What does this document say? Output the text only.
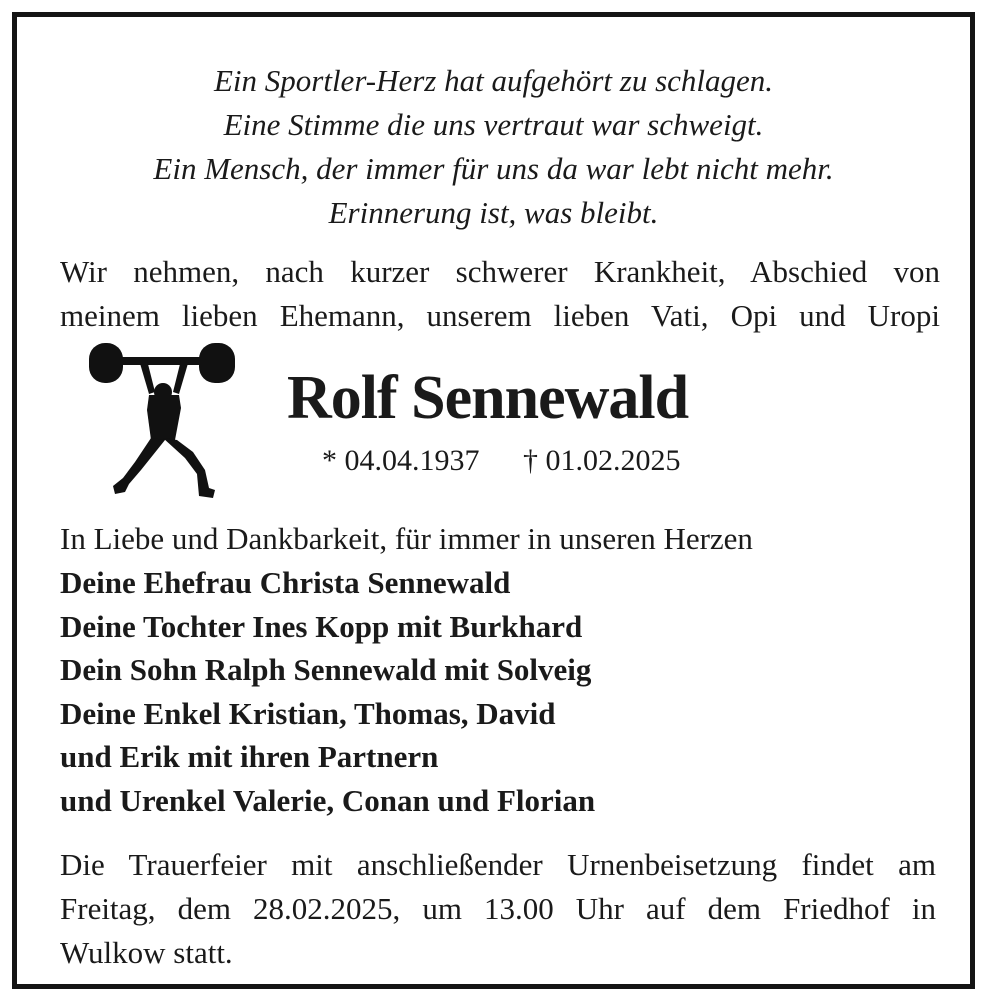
Ein Sportler-Herz hat aufgehört zu schlagen.
Eine Stimme die uns vertraut war schweigt.
Ein Mensch, der immer für uns da war lebt nicht mehr.
Erinnerung ist, was bleibt.
Wir nehmen, nach kurzer schwerer Krankheit, Abschied von
meinem lieben Ehemann, unserem lieben Vati, Opi und Uropi
Rolf Sennewald
* 04.04.1937 † 01.02.2025
In Liebe und Dankbarkeit, für immer in unseren Herzen
Deine Ehefrau Christa Sennewald
Deine Tochter Ines Kopp mit Burkhard
Dein Sohn Ralph Sennewald mit Solveig
Deine Enkel Kristian, Thomas, David
und Erik mit ihren Partnern
und Urenkel Valerie, Conan und Florian
Die Trauerfeier mit anschließender Urnenbeisetzung findet am
Freitag, dem 28.02.2025, um 13.00 Uhr auf dem Friedhof in
Wulkow statt.
